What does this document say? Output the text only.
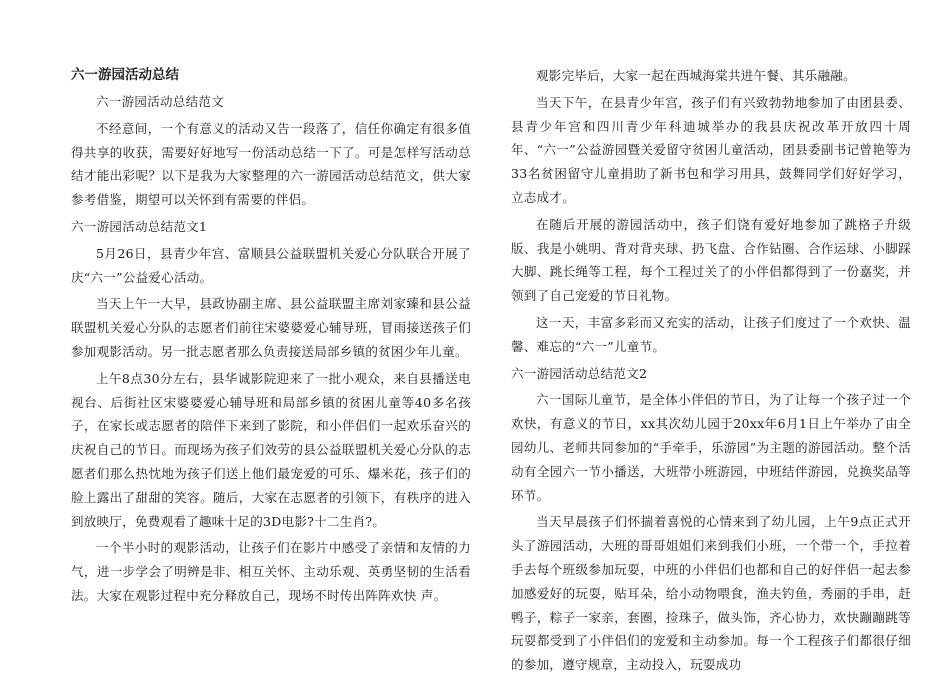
六一游园活动总结

六一游园活动总结范文

不经意间，一个有意义的活动又告一段落了，信任你确定有很多值得共享的收获，需要好好地写一份活动总结一下了。可是怎样写活动总结才能出彩呢？以下是我为大家整理的六一游园活动总结范文，供大家参考借鉴，期望可以关怀到有需要的伴侣。

六一游园活动总结范文1

5月26日，县青少年宫、富顺县公益联盟机关爱心分队联合开展了庆“六一”公益爱心活动。

当天上午一大早，县政协副主席、县公益联盟主席刘家臻和县公益联盟机关爱心分队的志愿者们前往宋婆婆爱心辅导班，冒雨接送孩子们参加观影活动。另一批志愿者那么负责接送局部乡镇的贫困少年儿童。

上午8点30分左右，县华诚影院迎来了一批小观众，来自县播送电视台、后街社区宋婆婆爱心辅导班和局部乡镇的贫困儿童等40多名孩子，在家长或志愿者的陪伴下来到了影院，和小伴侣们一起欢乐奋兴的庆祝自己的节日。而现场为孩子们效劳的县公益联盟机关爱心分队的志愿者们那么热忱地为孩子们送上他们最宠爱的可乐、爆米花，孩子们的脸上露出了甜甜的笑容。随后，大家在志愿者的引领下，有秩序的进入到放映厅，免费观看了趣味十足的3D电影?十二生肖?。

一个半小时的观影活动，让孩子们在影片中感受了亲情和友情的力气，进一步学会了明辨是非、相互关怀、主动乐观、英勇坚韧的生活看法。大家在观影过程中充分释放自己，现场不时传出阵阵欢快 声。

观影完毕后，大家一起在西城海棠共进午餐、其乐融融。

当天下午，在县青少年宫，孩子们有兴致勃勃地参加了由团县委、县青少年宫和四川青少年科迪城举办的我县庆祝改革开放四十周年、“六一”公益游园暨关爱留守贫困儿童活动，团县委副书记曾艳等为33名贫困留守儿童捐助了新书包和学习用具，鼓舞同学们好好学习，立志成才。

在随后开展的游园活动中，孩子们饶有爱好地参加了跳格子升级版、我是小姚明、背对背夹球、扔飞盘、合作钻圈、合作运球、小脚踩大脚、跳长绳等工程，每个工程过关了的小伴侣都得到了一份嘉奖，并领到了自己宠爱的节日礼物。

这一天，丰富多彩而又充实的活动，让孩子们度过了一个欢快、温馨、难忘的“六一”儿童节。

六一游园活动总结范文2

六一国际儿童节，是全体小伴侣的节日，为了让每一个孩子过一个欢快，有意义的节日，xx其次幼儿园于20xx年6月1日上午举办了由全园幼儿、老师共同参加的“手牵手，乐游园”为主题的游园活动。整个活动有全园六一节小播送，大班带小班游园，中班结伴游园，兑换奖品等环节。

当天早晨孩子们怀揣着喜悦的心情来到了幼儿园，上午9点正式开头了游园活动，大班的哥哥姐姐们来到我们小班，一个带一个，手拉着手去每个班级参加玩耍，中班的小伴侣们也都和自己的好伴侣一起去参加感爱好的玩耍，贴耳朵，给小动物喂食，渔夫钓鱼，秀丽的手串，赶鸭子，粽子一家亲，套圈，捡珠子，做头饰，齐心协力，欢快蹦蹦跳等玩耍都受到了小伴侣们的宠爱和主动参加。每一个工程孩子们都很仔细的参加，遵守规章，主动投入，玩耍成功
